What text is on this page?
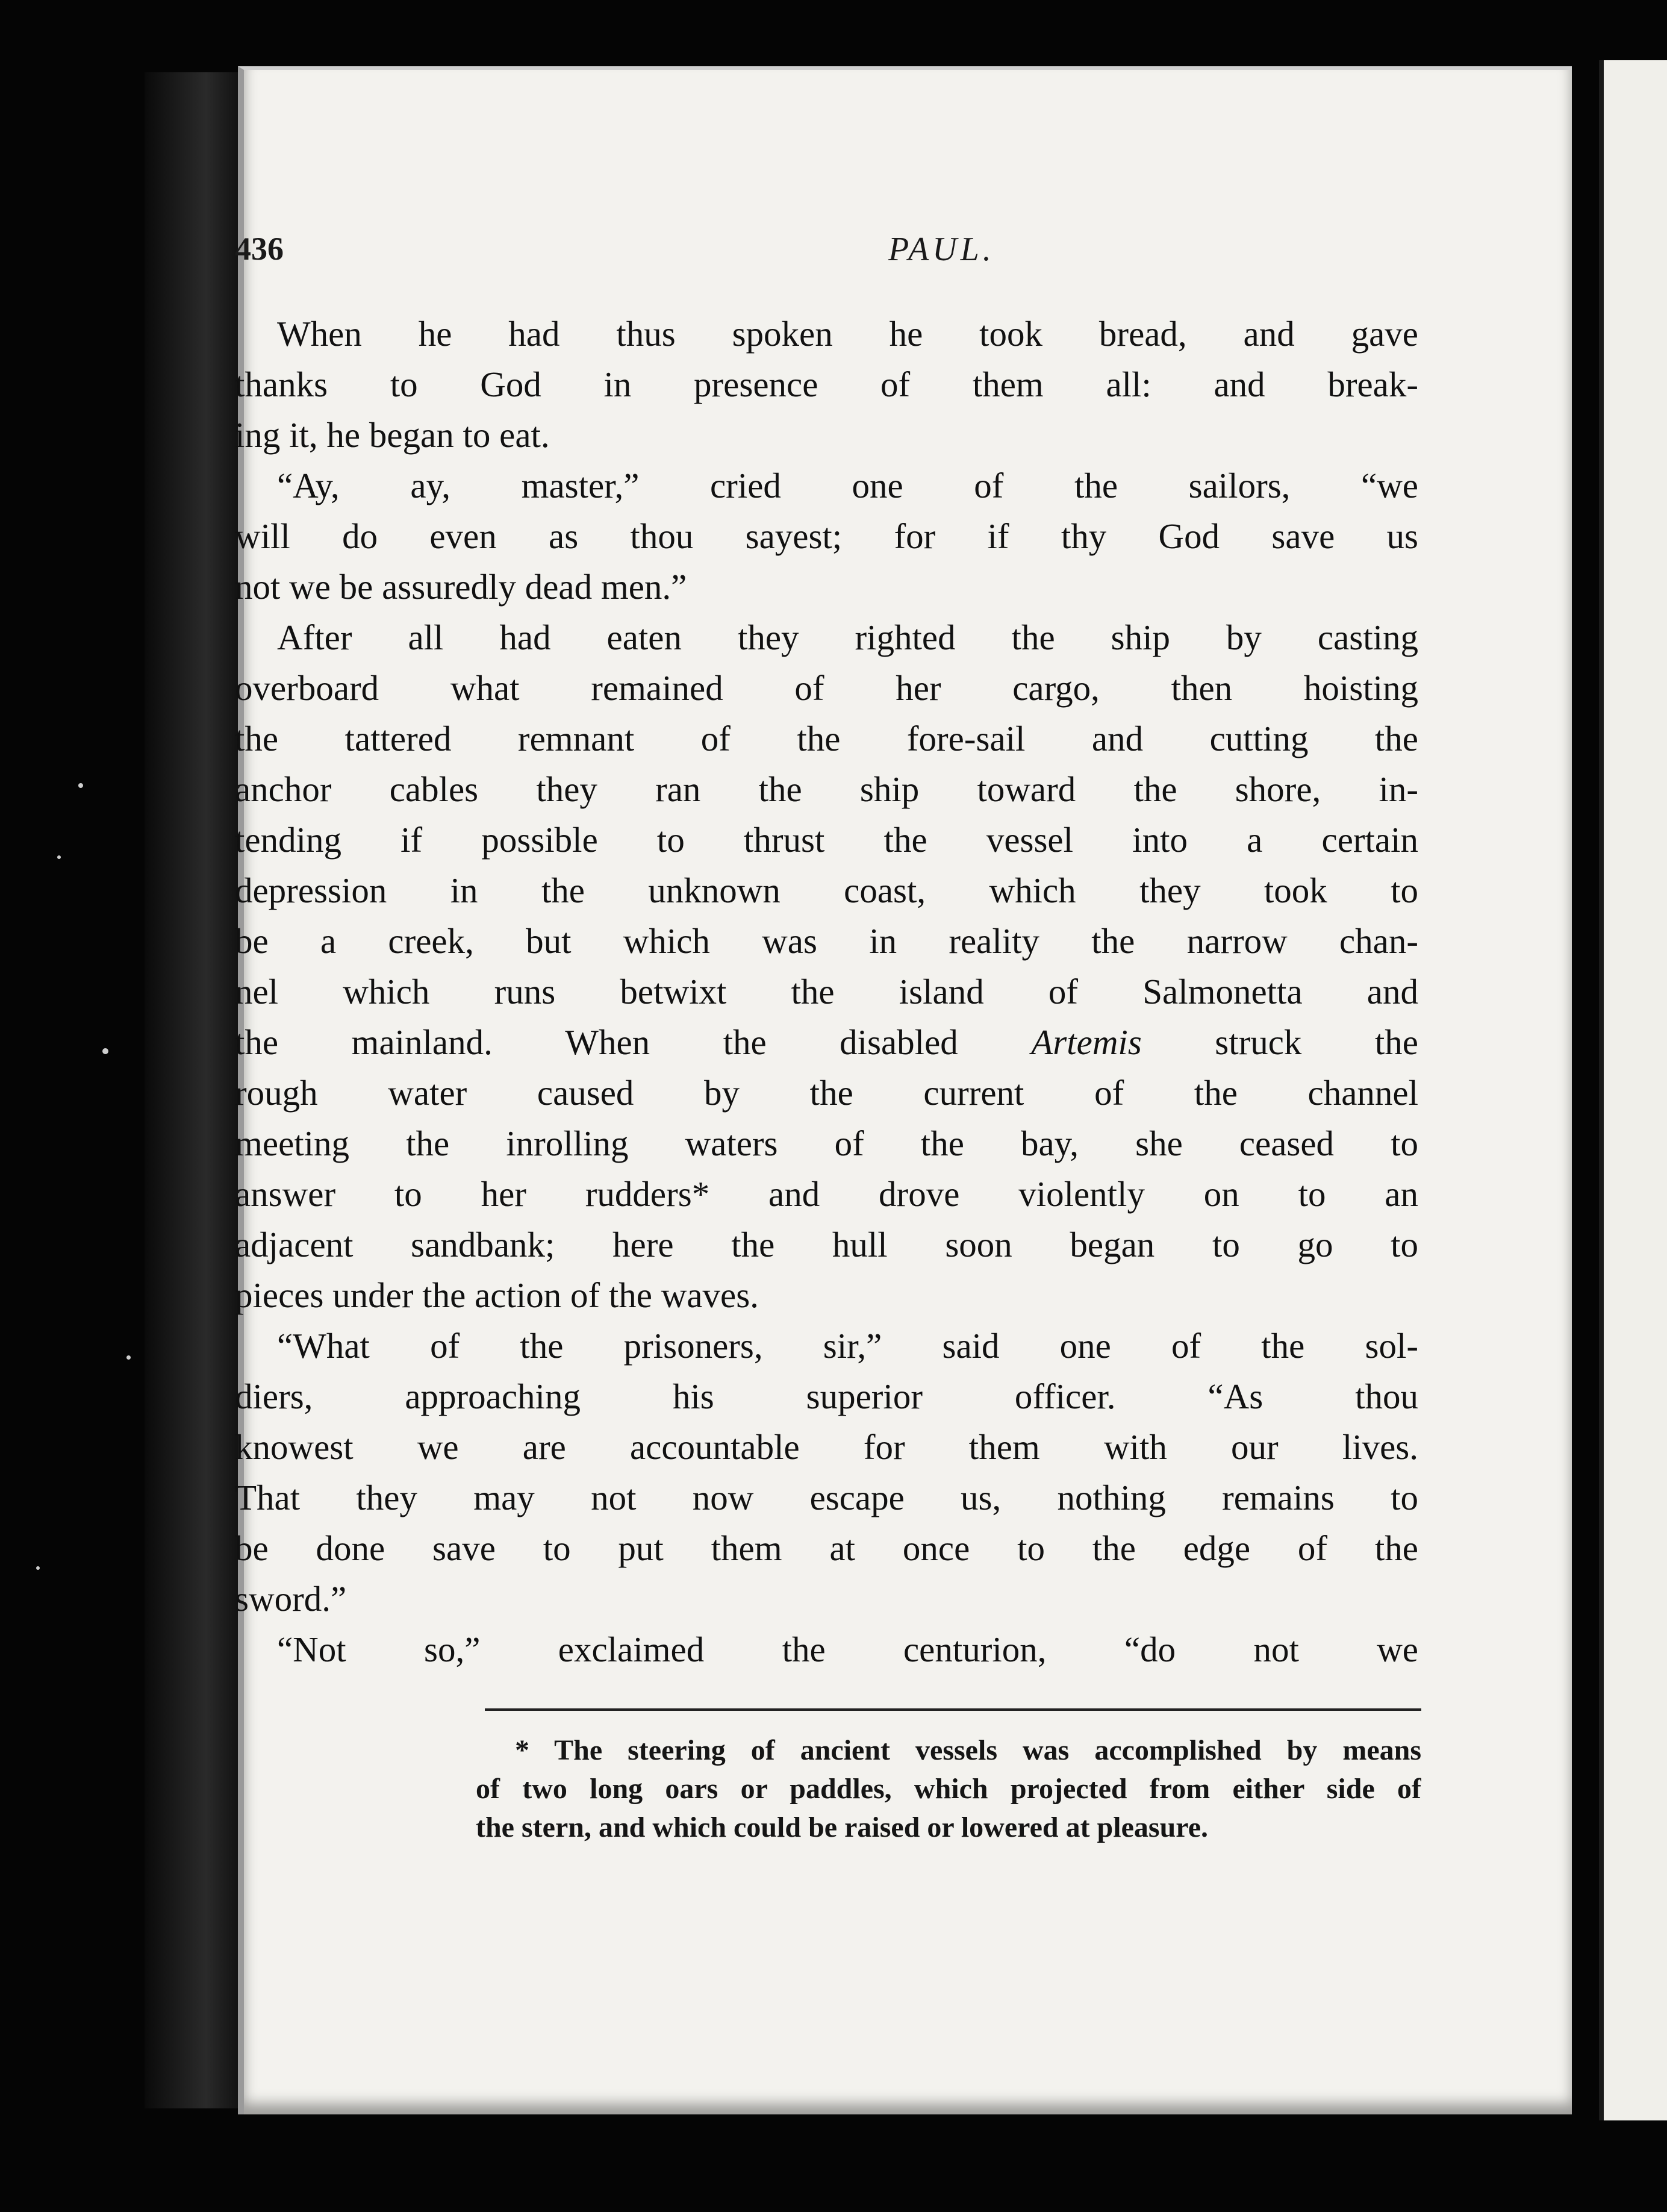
436	PAUL.
When he had thus spoken he took bread, and gave
thanks to God in presence of them all: and break-
ing it, he began to eat.
“Ay, ay, master,” cried one of the sailors, “we
will do even as thou sayest; for if thy God save us
not we be assuredly dead men.”
After all had eaten they righted the ship by casting
overboard what remained of her cargo, then hoisting
the tattered remnant of the fore-sail and cutting the
anchor cables they ran the ship toward the shore, in-
tending if possible to thrust the vessel into a certain
depression in the unknown coast, which they took to
be a creek, but which was in reality the narrow chan-
nel which runs betwixt the island of Salmonetta and
the mainland. When the disabled Artemis struck the
rough water caused by the current of the channel
meeting the inrolling waters of the bay, she ceased to
answer to her rudders* and drove violently on to an
adjacent sandbank; here the hull soon began to go to
pieces under the action of the waves.
“What of the prisoners, sir,” said one of the sol-
diers, approaching his superior officer. “As thou
knowest we are accountable for them with our lives.
That they may not now escape us, nothing remains to
be done save to put them at once to the edge of the
sword.”
“Not so,” exclaimed the centurion, “do not we
* The steering of ancient vessels was accomplished by means
of two long oars or paddles, which projected from either side of
the stern, and which could be raised or lowered at pleasure.
